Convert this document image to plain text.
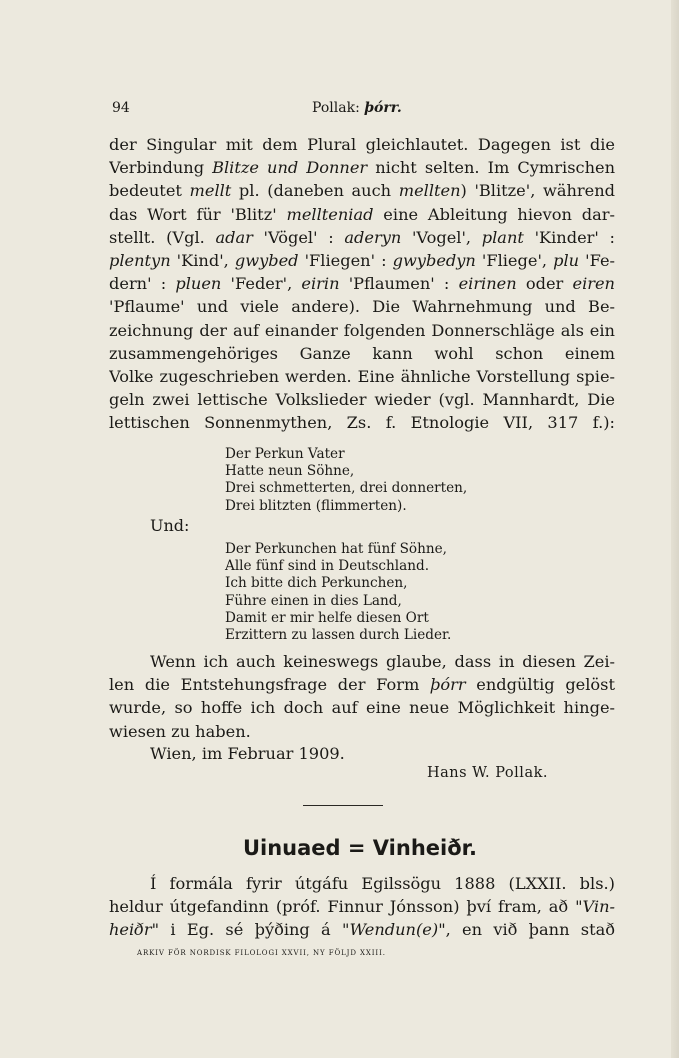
94	Pollak: þórr.
der Singular mit dem Plural gleichlautet. Dagegen ist die
Verbindung Blitze und Donner nicht selten. Im Cymrischen
bedeutet mellt pl. (daneben auch mellten) 'Blitze', während
das Wort für 'Blitz' mellteniad eine Ableitung hievon dar-
stellt. (Vgl. adar 'Vögel' : aderyn 'Vogel', plant 'Kinder' :
plentyn 'Kind', gwybed 'Fliegen' : gwybedyn 'Fliege', plu 'Fe-
dern' : pluen 'Feder', eirin 'Pflaumen' : eirinen oder eiren
'Pflaume' und viele andere). Die Wahrnehmung und Be-
zeichnung der auf einander folgenden Donnerschläge als ein
zusammengehöriges Ganze kann wohl schon einem
Volke zugeschrieben werden. Eine ähnliche Vorstellung spie-
geln zwei lettische Volkslieder wieder (vgl. Mannhardt, Die
lettischen Sonnenmythen, Zs. f. Etnologie VII, 317 f.):
Der Perkun Vater
Hatte neun Söhne,
Drei schmetterten, drei donnerten,
Drei blitzten (flimmerten).
Und:
Der Perkunchen hat fünf Söhne,
Alle fünf sind in Deutschland.
Ich bitte dich Perkunchen,
Führe einen in dies Land,
Damit er mir helfe diesen Ort
Erzittern zu lassen durch Lieder.
Wenn ich auch keineswegs glaube, dass in diesen Zei-
len die Entstehungsfrage der Form þórr endgültig gelöst
wurde, so hoffe ich doch auf eine neue Möglichkeit hinge-
wiesen zu haben.
Wien, im Februar 1909.
Hans W. Pollak.
Uinuaed = Vinheiðr.
Í formála fyrir útgáfu Egilssögu 1888 (LXXII. bls.)
heldur útgefandinn (próf. Finnur Jónsson) því fram, að "Vin-
heiðr" i Eg. sé þýðing á "Wendun(e)", en við þann stað
ARKIV FÖR NORDISK FILOLOGI XXVII, NY FÖLJD XXIII.
